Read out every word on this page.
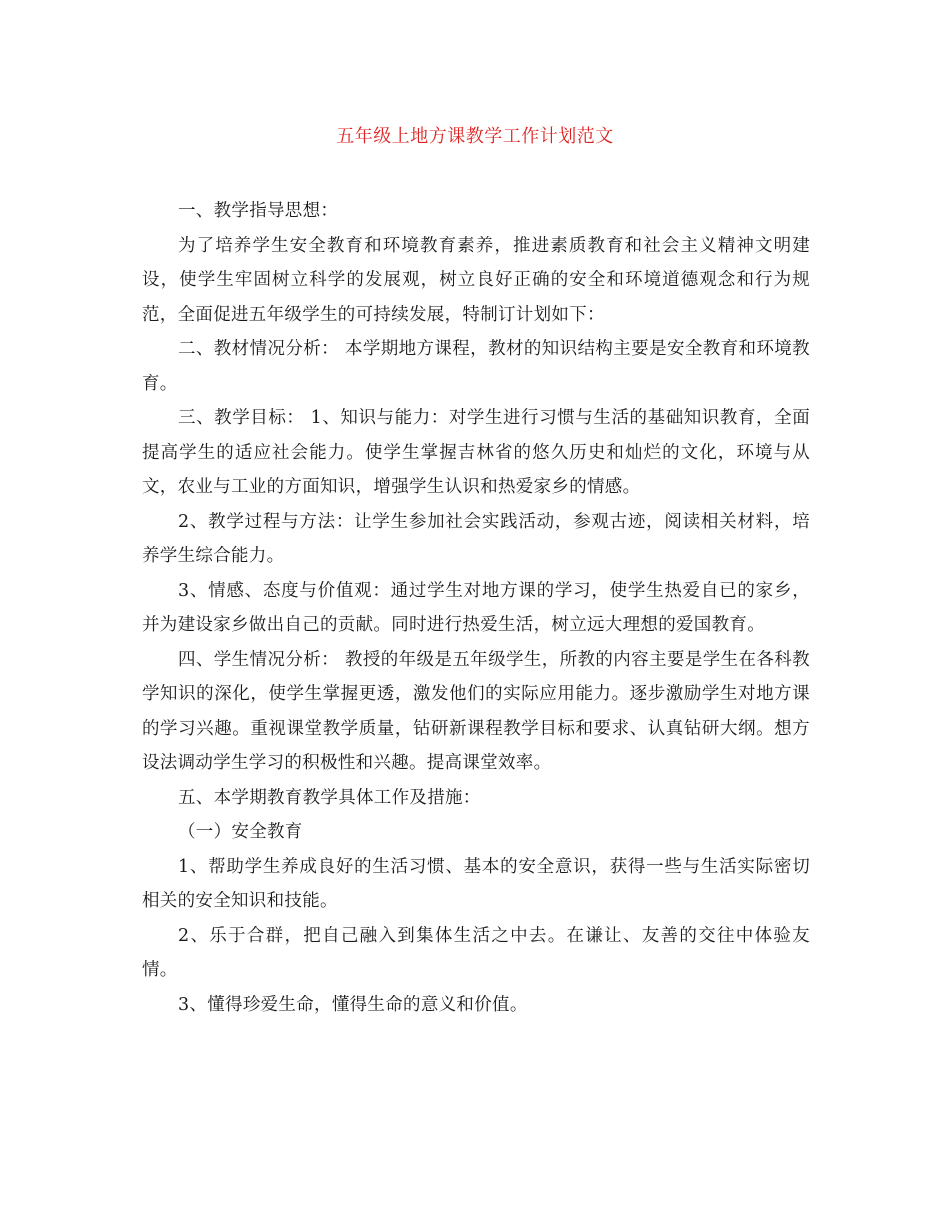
五年级上地方课教学工作计划范文

一、教学指导思想：

为了培养学生安全教育和环境教育素养，推进素质教育和社会主义精神文明建设，使学生牢固树立科学的发展观，树立良好正确的安全和环境道德观念和行为规范，全面促进五年级学生的可持续发展，特制订计划如下：

二、教材情况分析： 本学期地方课程，教材的知识结构主要是安全教育和环境教育。

三、教学目标： 1、知识与能力：对学生进行习惯与生活的基础知识教育，全面提高学生的适应社会能力。使学生掌握吉林省的悠久历史和灿烂的文化，环境与从文，农业与工业的方面知识，增强学生认识和热爱家乡的情感。

2、教学过程与方法：让学生参加社会实践活动，参观古迹，阅读相关材料，培养学生综合能力。

3、情感、态度与价值观：通过学生对地方课的学习，使学生热爱自已的家乡，并为建设家乡做出自己的贡献。同时进行热爱生活，树立远大理想的爱国教育。

四、学生情况分析： 教授的年级是五年级学生，所教的内容主要是学生在各科教学知识的深化，使学生掌握更透，激发他们的实际应用能力。逐步激励学生对地方课的学习兴趣。重视课堂教学质量，钻研新课程教学目标和要求、认真钻研大纲。想方设法调动学生学习的积极性和兴趣。提高课堂效率。

五、本学期教育教学具体工作及措施：

（一）安全教育

1、帮助学生养成良好的生活习惯、基本的安全意识，获得一些与生活实际密切相关的安全知识和技能。

2、乐于合群，把自己融入到集体生活之中去。在谦让、友善的交往中体验友情。

3、懂得珍爱生命，懂得生命的意义和价值。
